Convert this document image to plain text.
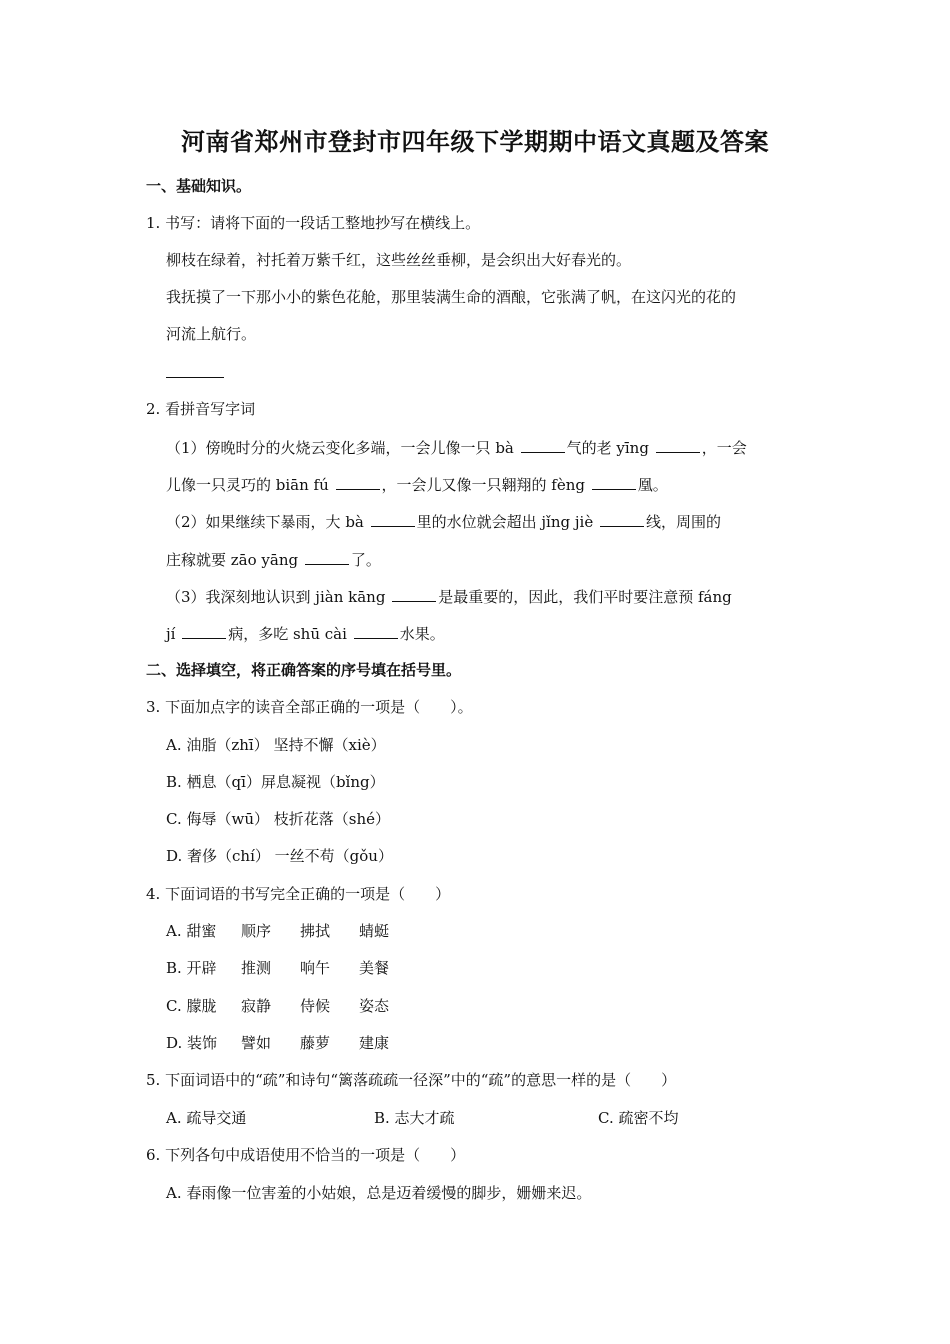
河南省郑州市登封市四年级下学期期中语文真题及答案
一、基础知识。
1. 书写：请将下面的一段话工整地抄写在横线上。
柳枝在绿着，衬托着万紫千红，这些丝丝垂柳，是会织出大好春光的。
我抚摸了一下那小小的紫色花舱，那里装满生命的酒酿，它张满了帆，在这闪光的花的
河流上航行。
2. 看拼音写字词
（1）傍晚时分的火烧云变化多端，一会儿像一只 bà	气的老 yīng	，一会
儿像一只灵巧的 biān fú	，一会儿又像一只翱翔的 fèng	凰。
（2）如果继续下暴雨，大 bà	里的水位就会超出 jǐng jiè	线，周围的
庄稼就要 zāo yāng	了。
（3）我深刻地认识到 jiàn kāng	是最重要的，因此，我们平时要注意预 fáng
jí	病，多吃 shū cài	水果。
二、选择填空，将正确答案的序号填在括号里。
3. 下面加点字的读音全部正确的一项是（　　）。
A. 油脂（zhī） 坚持不懈（xiè）
B. 栖息（qī）屏息凝视（bǐng）
C. 侮辱（wū） 枝折花落（shé）
D. 奢侈（chí） 一丝不苟（gǒu）
4. 下面词语的书写完全正确的一项是（　　）
A. 甜蜜 顺序 拂拭 蜻蜓
B. 开辟 推测 响午 美餐
C. 朦胧 寂静 侍候 姿态
D. 装饰 譬如 藤萝 建康
5. 下面词语中的“疏”和诗句“篱落疏疏一径深”中的“疏”的意思一样的是（　　）
A. 疏导交通	B. 志大才疏	C. 疏密不均
6. 下列各句中成语使用不恰当的一项是（　　）
A. 春雨像一位害羞的小姑娘，总是迈着缓慢的脚步，姗姗来迟。
